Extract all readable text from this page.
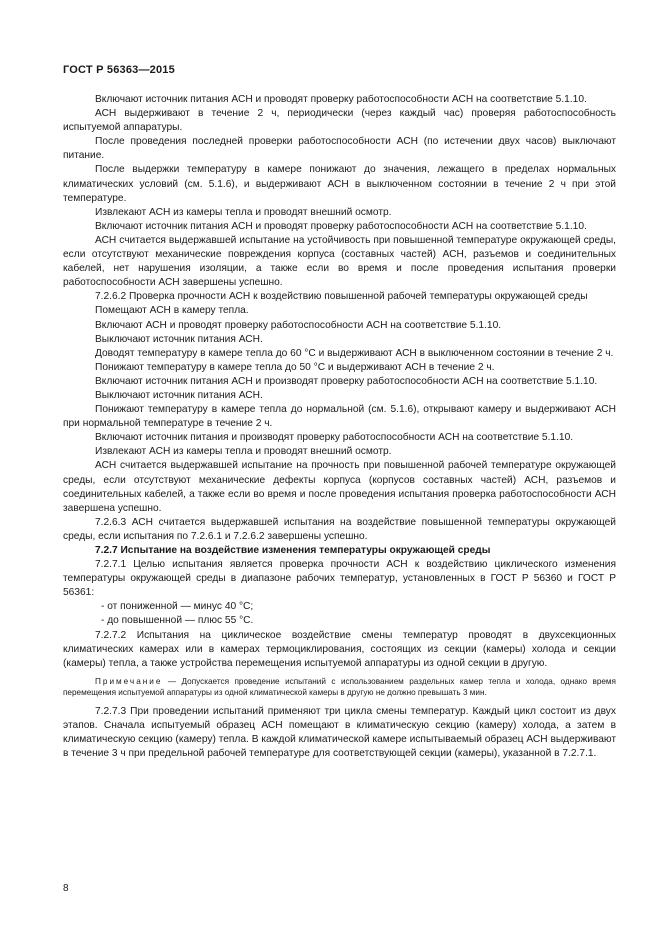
ГОСТ Р 56363—2015

Включают источник питания АСН и проводят проверку работоспособности АСН на соответствие 5.1.10.

АСН выдерживают в течение 2 ч, периодически (через каждый час) проверяя работоспособность испытуемой аппаратуры.

После проведения последней проверки работоспособности АСН (по истечении двух часов) выключают питание.

После выдержки температуру в камере понижают до значения, лежащего в пределах нормальных климатических условий (см. 5.1.6), и выдерживают АСН в выключенном состоянии в течение 2 ч при этой температуре.

Извлекают АСН из камеры тепла и проводят внешний осмотр.

Включают источник питания АСН и проводят проверку работоспособности АСН на соответствие 5.1.10.

АСН считается выдержавшей испытание на устойчивость при повышенной температуре окружающей среды, если отсутствуют механические повреждения корпуса (составных частей) АСН, разъемов и соединительных кабелей, нет нарушения изоляции, а также если во время и после проведения испытания проверки работоспособности АСН завершены успешно.

7.2.6.2 Проверка прочности АСН к воздействию повышенной рабочей температуры окружающей среды

Помещают АСН в камеру тепла.

Включают АСН и проводят проверку работоспособности АСН на соответствие 5.1.10.

Выключают источник питания АСН.

Доводят температуру в камере тепла до 60 °С и выдерживают АСН в выключенном состоянии в течение 2 ч.

Понижают температуру в камере тепла до 50 °С и выдерживают АСН в течение 2 ч.

Включают источник питания АСН и производят проверку работоспособности АСН на соответствие 5.1.10.

Выключают источник питания АСН.

Понижают температуру в камере тепла до нормальной (см. 5.1.6), открывают камеру и выдерживают АСН при нормальной температуре в течение 2 ч.

Включают источник питания и производят проверку работоспособности АСН на соответствие 5.1.10.

Извлекают АСН из камеры тепла и проводят внешний осмотр.

АСН считается выдержавшей испытание на прочность при повышенной рабочей температуре окружающей среды, если отсутствуют механические дефекты корпуса (корпусов составных частей) АСН, разъемов и соединительных кабелей, а также если во время и после проведения испытания проверка работоспособности АСН завершена успешно.

7.2.6.3 АСН считается выдержавшей испытания на воздействие повышенной температуры окружающей среды, если испытания по 7.2.6.1 и 7.2.6.2 завершены успешно.

7.2.7 Испытание на воздействие изменения температуры окружающей среды

7.2.7.1 Целью испытания является проверка прочности АСН к воздействию циклического изменения температуры окружающей среды в диапазоне рабочих температур, установленных в ГОСТ Р 56360 и ГОСТ Р 56361:

- от пониженной — минус 40 °С;

- до повышенной — плюс 55 °С.

7.2.7.2 Испытания на циклическое воздействие смены температур проводят в двухсекционных климатических камерах или в камерах термоциклирования, состоящих из секции (камеры) холода и секции (камеры) тепла, а также устройства перемещения испытуемой аппаратуры из одной секции в другую.

Примечание — Допускается проведение испытаний с использованием раздельных камер тепла и холода, однако время перемещения испытуемой аппаратуры из одной климатической камеры в другую не должно превышать 3 мин.

7.2.7.3 При проведении испытаний применяют три цикла смены температур. Каждый цикл состоит из двух этапов. Сначала испытуемый образец АСН помещают в климатическую секцию (камеру) холода, а затем в климатическую секцию (камеру) тепла. В каждой климатической камере испытываемый образец АСН выдерживают в течение 3 ч при предельной рабочей температуре для соответствующей секции (камеры), указанной в 7.2.7.1.

8
